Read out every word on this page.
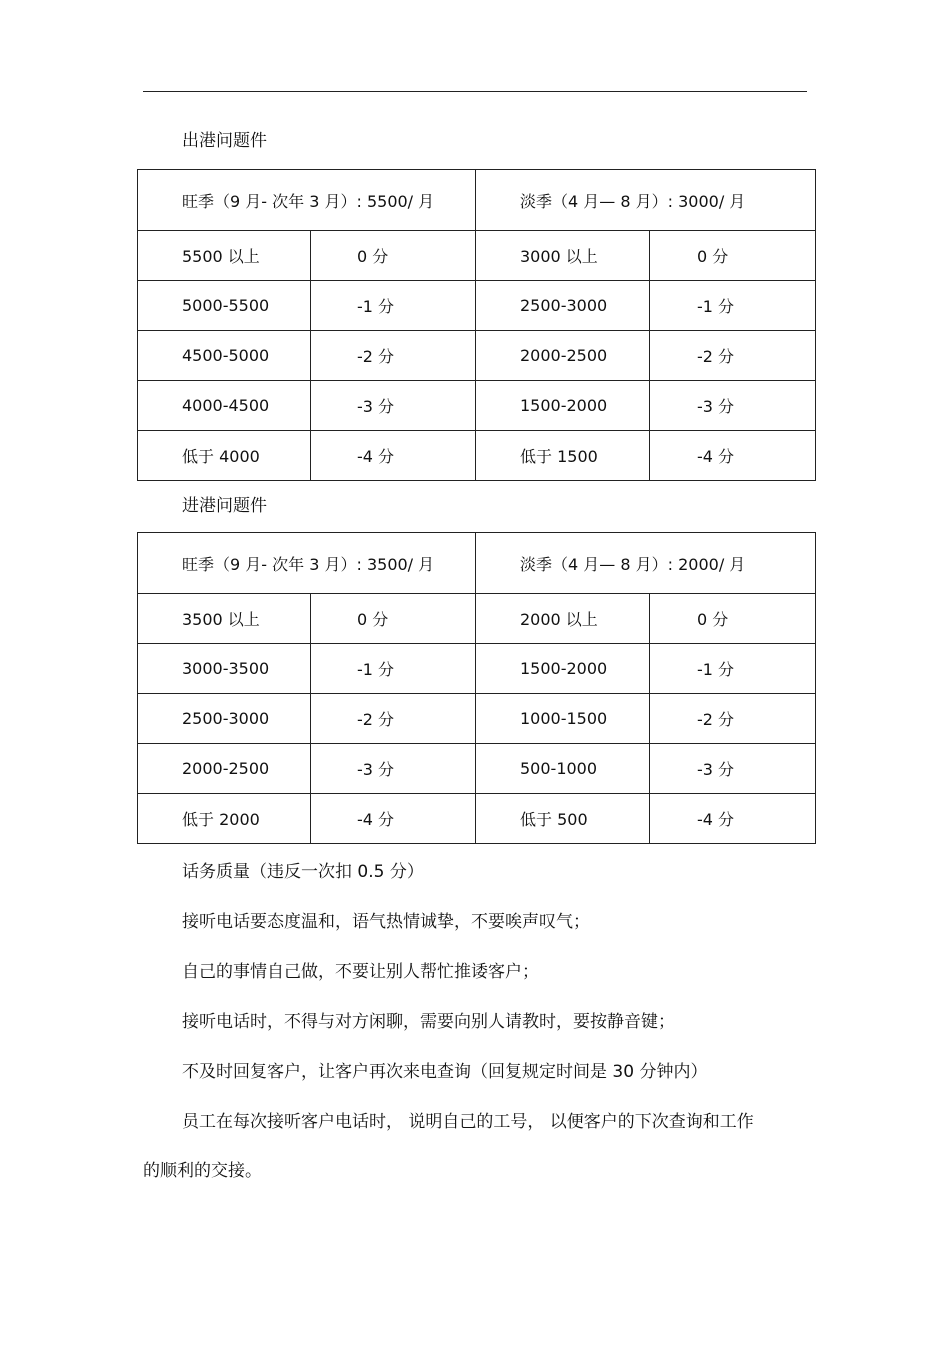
出港问题件
旺季（9 月- 次年 3 月）: 5500/ 月		淡季（4 月— 8 月）: 3000/ 月	
5500 以上	0 分	3000 以上	0 分
5000-5500	-1 分	2500-3000	-1 分
4500-5000	-2 分	2000-2500	-2 分
4000-4500	-3 分	1500-2000	-3 分
低于 4000	-4 分	低于 1500	-4 分
进港问题件
旺季（9 月- 次年 3 月）: 3500/ 月		淡季（4 月— 8 月）: 2000/ 月	
3500 以上	0 分	2000 以上	0 分
3000-3500	-1 分	1500-2000	-1 分
2500-3000	-2 分	1000-1500	-2 分
2000-2500	-3 分	500-1000	-3 分
低于 2000	-4 分	低于 500	-4 分
话务质量（违反一次扣 0.5 分）
接听电话要态度温和，语气热情诚挚，不要唉声叹气；
自己的事情自己做，不要让别人帮忙推诿客户；
接听电话时，不得与对方闲聊，需要向别人请教时，要按静音键；
不及时回复客户，让客户再次来电查询（回复规定时间是 30 分钟内）
员工在每次接听客户电话时， 说明自己的工号， 以便客户的下次查询和工作
的顺利的交接。
